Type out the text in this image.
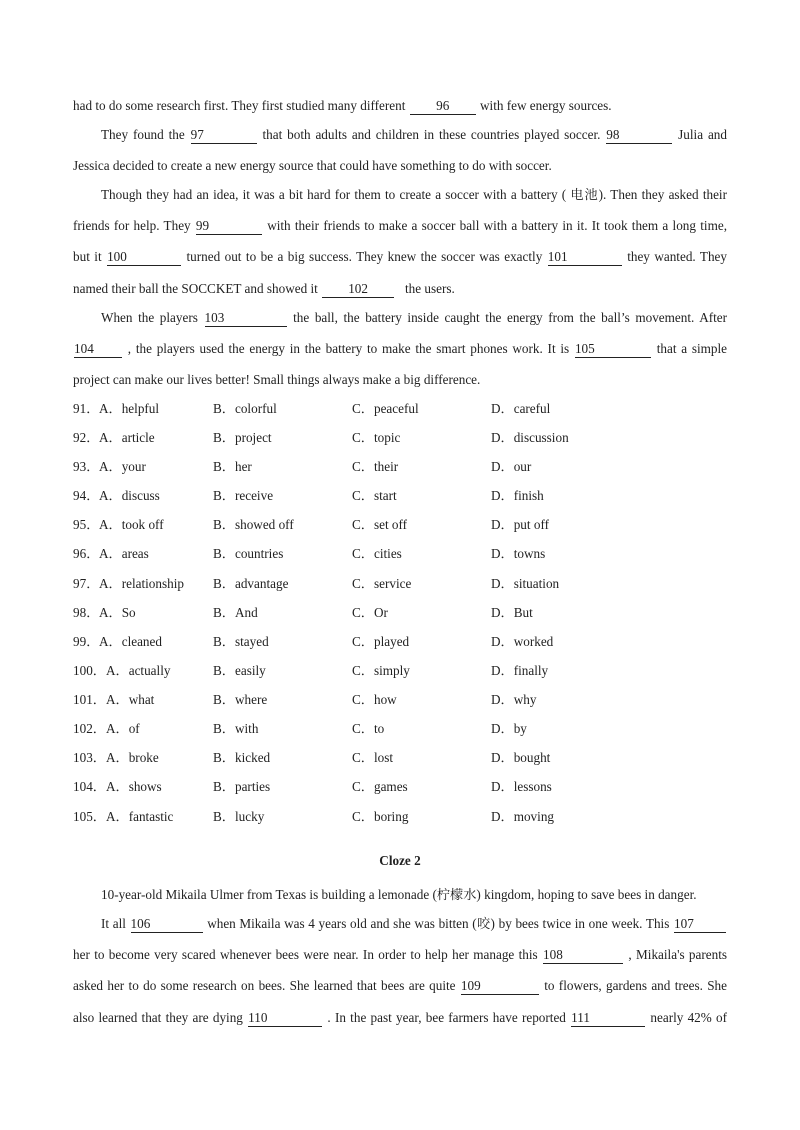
had to do some research first. They first studied many different 96 with few energy sources.
They found the 97	that both adults and children in these countries played soccer. 98	Julia and
Jessica decided to create a new energy source that could have something to do with soccer.
Though they had an idea, it was a bit hard for them to create a soccer with a battery ( 电池). Then they asked their
friends for help. They 99	with their friends to make a soccer ball with a battery in it. It took them a long time,
but it 100	turned out to be a big success. They knew the soccer was exactly 101	they wanted. They
named their ball the SOCCKET and showed it 102	the users.
When the players 103	the ball, the battery inside caught the energy from the ball’s movement. After
104	, the players used the energy in the battery to make the smart phones work. It is 105	that a simple
project can make our lives better! Small things always make a big difference.
91． A．helpful	B．colorful	C．peaceful	D．careful
92． A．article	B．project	C．topic	D．discussion
93． A．your	B．her	C．their	D．our
94． A．discuss	B．receive	C．start	D．finish
95． A．took off	B．showed off	C．set off	D．put off
96． A．areas	B．countries	C．cities	D．towns
97． A．relationship B．advantage	C．service	D．situation
98． A．So	B．And	C．Or	D．But
99． A．cleaned	B．stayed	C．played	D．worked
100． A．actually	B．easily	C．simply	D．finally
101． A．what	B．where	C．how	D．why
102． A．of	B．with	C．to	D．by
103． A．broke	B．kicked	C．lost	D．bought
104． A．shows	B．parties	C．games	D．lessons
105． A．fantastic	B．lucky	C．boring	D．moving
Cloze 2
10-year-old Mikaila Ulmer from Texas is building a lemonade (柠檬水) kingdom, hoping to save bees in danger.
It all 106	when Mikaila was 4 years old and she was bitten (咬) by bees twice in one week. This 107
her to become very scared whenever bees were near. In order to help her manage this 108	, Mikaila's parents
asked her to do some research on bees. She learned that bees are quite 109	to flowers, gardens and trees. She
also learned that they are dying 110	. In the past year, bee farmers have reported 111	nearly 42% of
